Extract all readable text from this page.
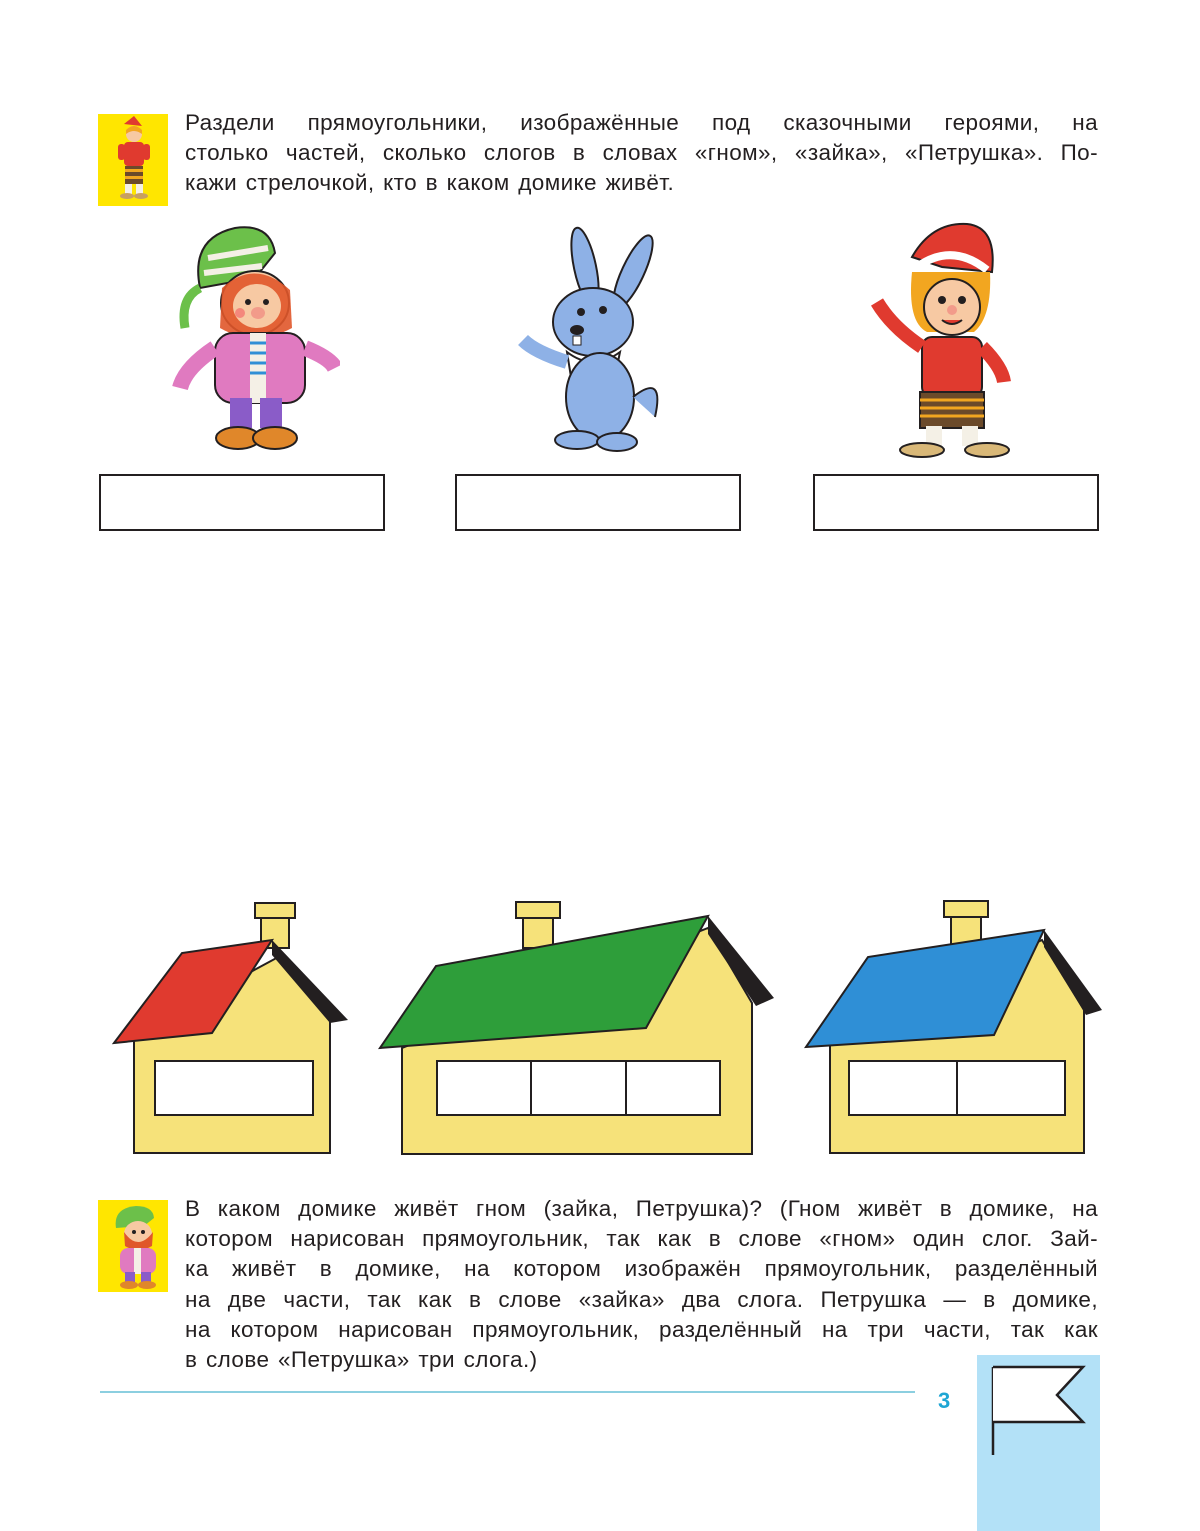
Раздели прямоугольники, изображённые под сказочными героями, на
столько частей, сколько слогов в словах «гном», «зайка», «Петрушка». По-
кажи стрелочкой, кто в каком домике живёт.
В каком домике живёт гном (зайка, Петрушка)? (Гном живёт в домике, на
котором нарисован прямоугольник, так как в слове «гном» один слог. Зай-
ка живёт в домике, на котором изображён прямоугольник, разделённый
на две части, так как в слове «зайка» два слога. Петрушка — в домике,
на котором нарисован прямоугольник, разделённый на три части, так как
в слове «Петрушка» три слога.)
3
